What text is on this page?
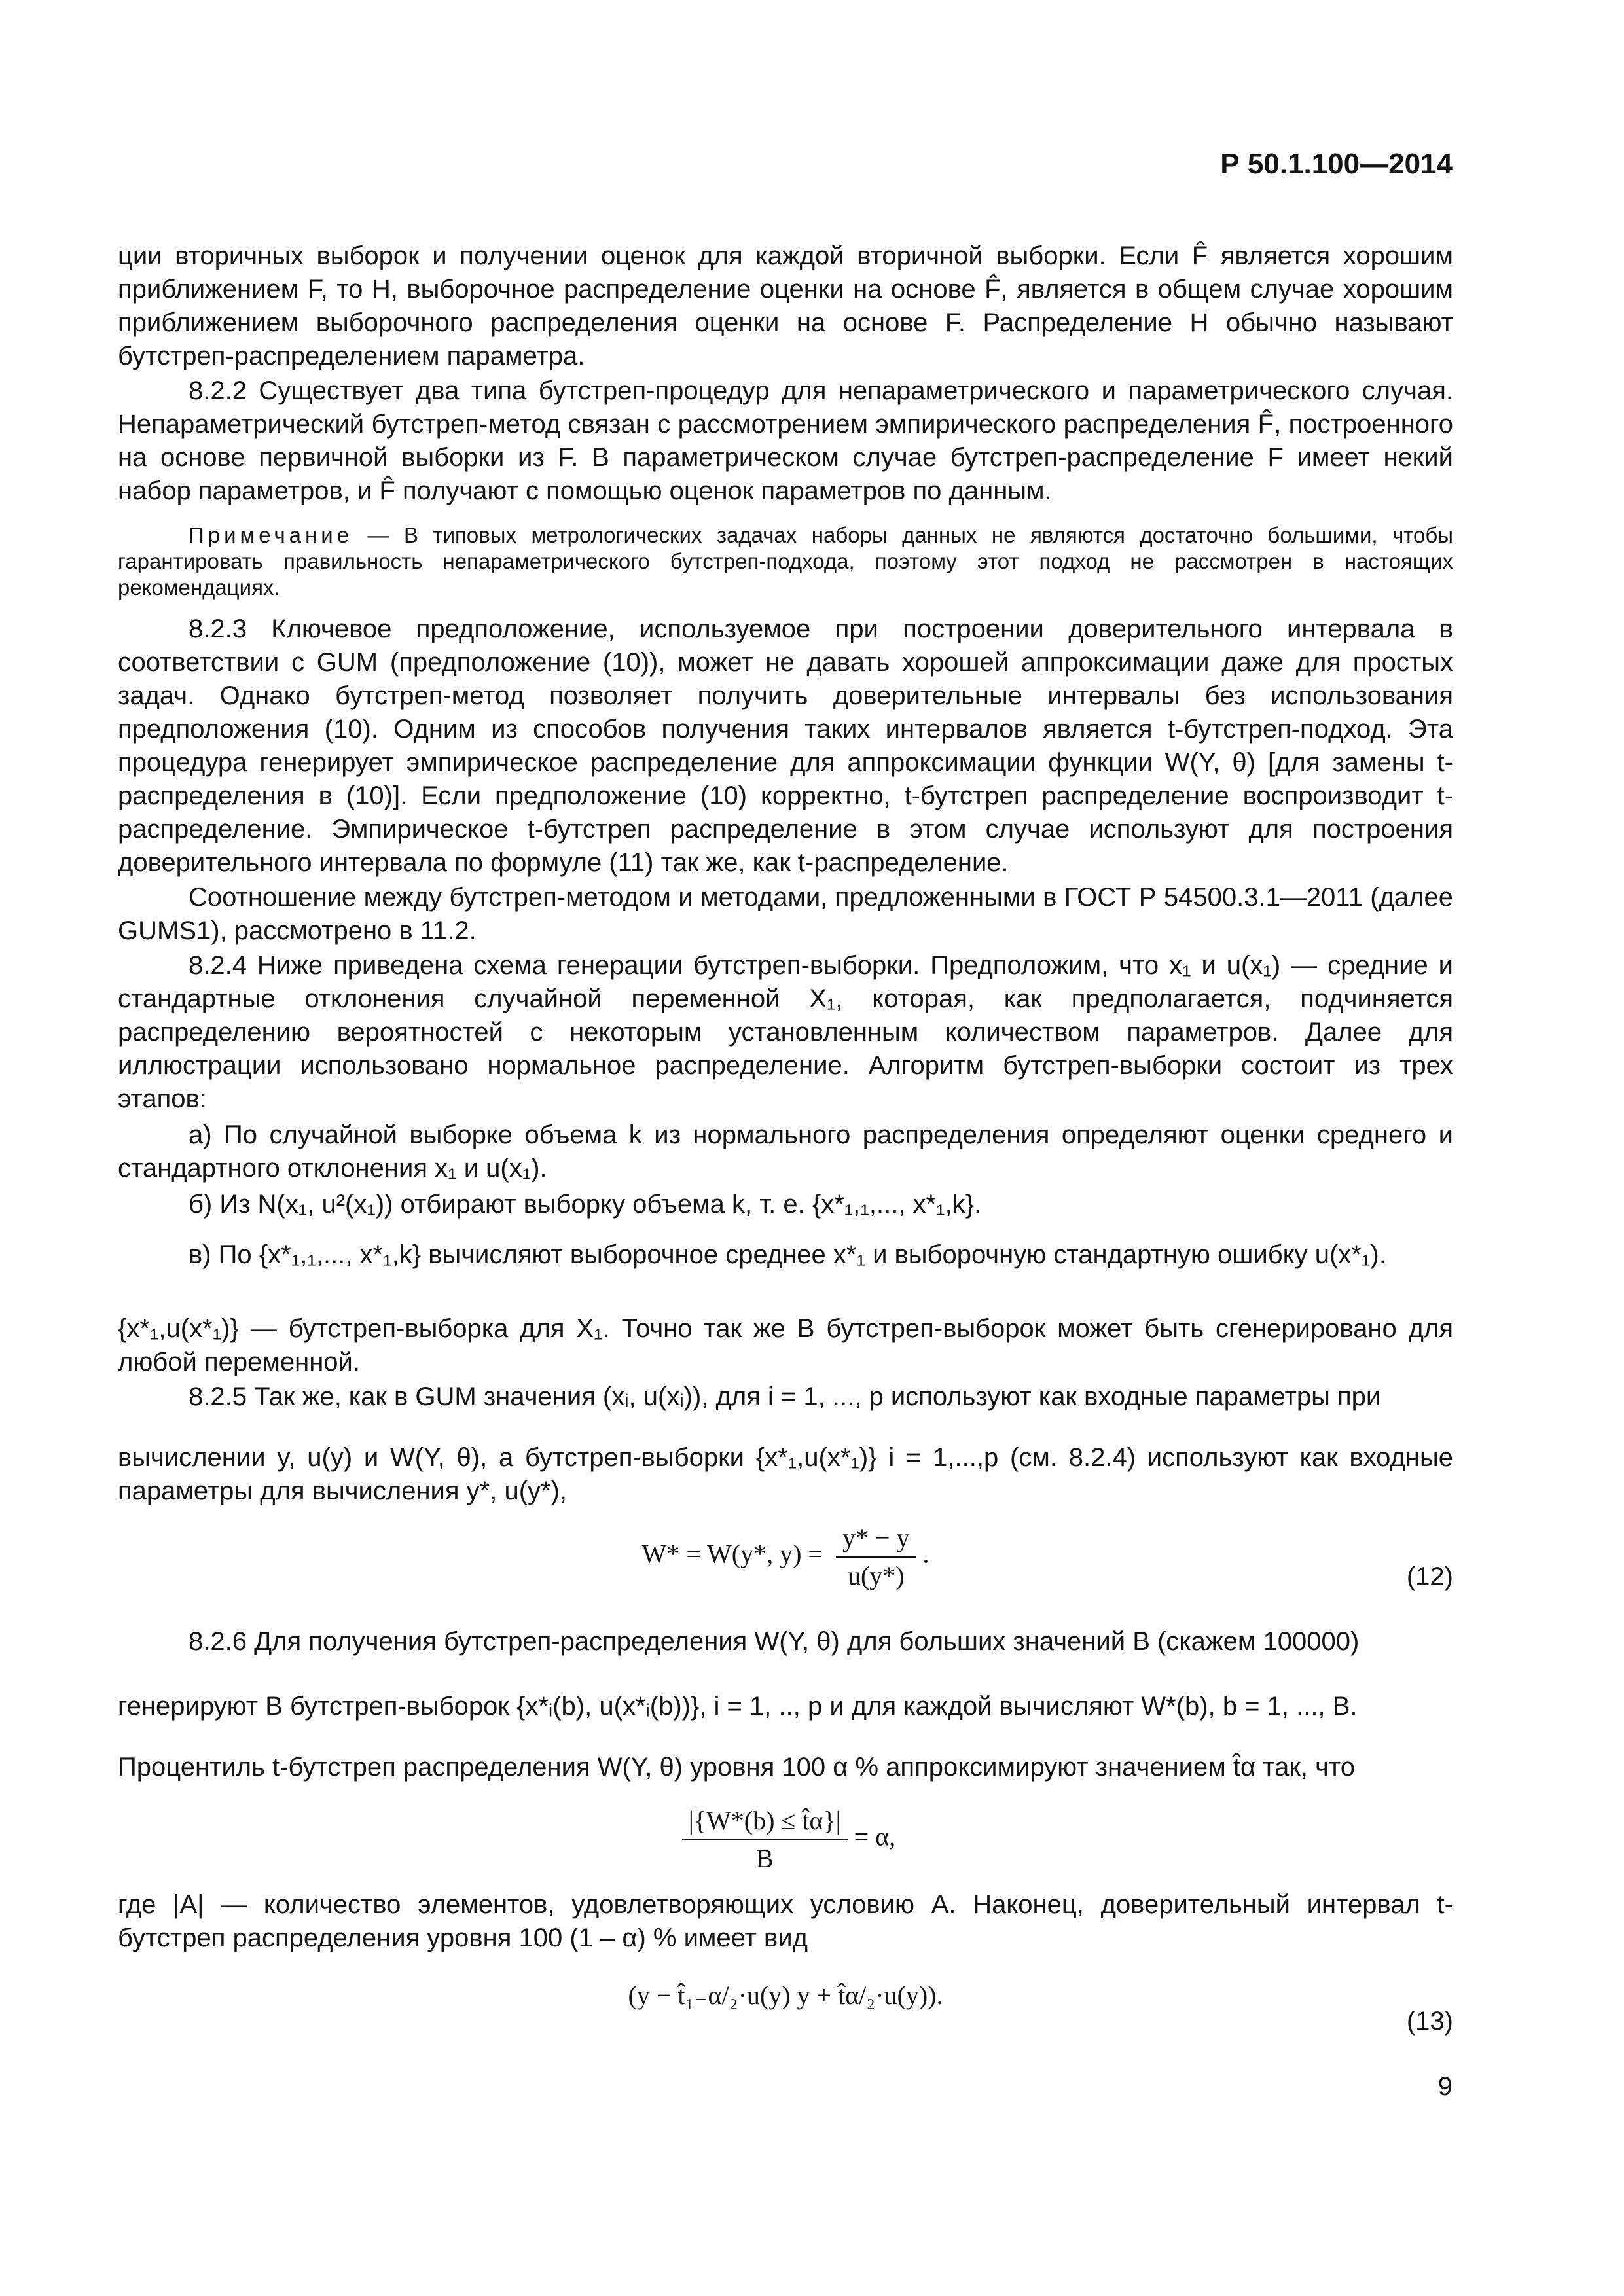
Р 50.1.100—2014

ции вторичных выборок и получении оценок для каждой вторичной выборки. Если F̂ является хорошим приближением F, то H, выборочное распределение оценки на основе F̂, является в общем случае хорошим приближением выборочного распределения оценки на основе F. Распределение H обычно называют бутстреп-распределением параметра.

8.2.2 Существует два типа бутстреп-процедур для непараметрического и параметрического случая. Непараметрический бутстреп-метод связан с рассмотрением эмпирического распределения F̂, построенного на основе первичной выборки из F. В параметрическом случае бутстреп-распределение F имеет некий набор параметров, и F̂ получают с помощью оценок параметров по данным.

Примечание — В типовых метрологических задачах наборы данных не являются достаточно большими, чтобы гарантировать правильность непараметрического бутстреп-подхода, поэтому этот подход не рассмотрен в настоящих рекомендациях.

8.2.3 Ключевое предположение, используемое при построении доверительного интервала в соответствии с GUM (предположение (10)), может не давать хорошей аппроксимации даже для простых задач. Однако бутстреп-метод позволяет получить доверительные интервалы без использования предположения (10). Одним из способов получения таких интервалов является t-бутстреп-подход. Эта процедура генерирует эмпирическое распределение для аппроксимации функции W(Y, θ) [для замены t-распределения в (10)]. Если предположение (10) корректно, t-бутстреп распределение воспроизводит t-распределение. Эмпирическое t-бутстреп распределение в этом случае используют для построения доверительного интервала по формуле (11) так же, как t-распределение.

Соотношение между бутстреп-методом и методами, предложенными в ГОСТ Р 54500.3.1—2011 (далее GUMS1), рассмотрено в 11.2.

8.2.4 Ниже приведена схема генерации бутстреп-выборки. Предположим, что x₁ и u(x₁) — средние и стандартные отклонения случайной переменной X₁, которая, как предполагается, подчиняется распределению вероятностей с некоторым установленным количеством параметров. Далее для иллюстрации использовано нормальное распределение. Алгоритм бутстреп-выборки состоит из трех этапов:

а) По случайной выборке объема k из нормального распределения определяют оценки среднего и стандартного отклонения x₁ и u(x₁).

б) Из N(x₁, u²(x₁)) отбирают выборку объема k, т. е. {x*₁,₁,..., x*₁,k}.

в) По {x*₁,₁,..., x*₁,k} вычисляют выборочное среднее x*₁ и выборочную стандартную ошибку u(x*₁).

{x*₁,u(x*₁)} — бутстреп-выборка для X₁. Точно так же B бутстреп-выборок может быть сгенерировано для любой переменной.

8.2.5 Так же, как в GUM значения (xᵢ, u(xᵢ)), для i = 1, ..., p используют как входные параметры при

вычислении y, u(y) и W(Y, θ), а бутстреп-выборки {x*₁,u(x*₁)} i = 1,...,p (см. 8.2.4) используют как входные параметры для вычисления y*, u(y*),

W* = W(y*, $y) = \frac{y* - y}{u(y*)}$ .
(12)

8.2.6 Для получения бутстреп-распределения W(Y, θ) для больших значений B (скажем 100000)

генерируют B бутстреп-выборок {x*ᵢ(b), u(x*ᵢ(b))}, i = 1, .., p и для каждой вычисляют W*(b), b = 1, ..., B.

Процентиль t-бутстреп распределения W(Y, θ) уровня 100 α % аппроксимируют значением t̂α так, что

$\frac{|\{W*(b) \le t̂\alpha\}|}{B} = \alpha$,

где |A| — количество элементов, удовлетворяющих условию A. Наконец, доверительный интервал t-бутстреп распределения уровня 100 (1 – α) % имеет вид

(y − t̂₁₋α/₂·u(y) y + t̂α/₂·u(y)).
(13)
9
